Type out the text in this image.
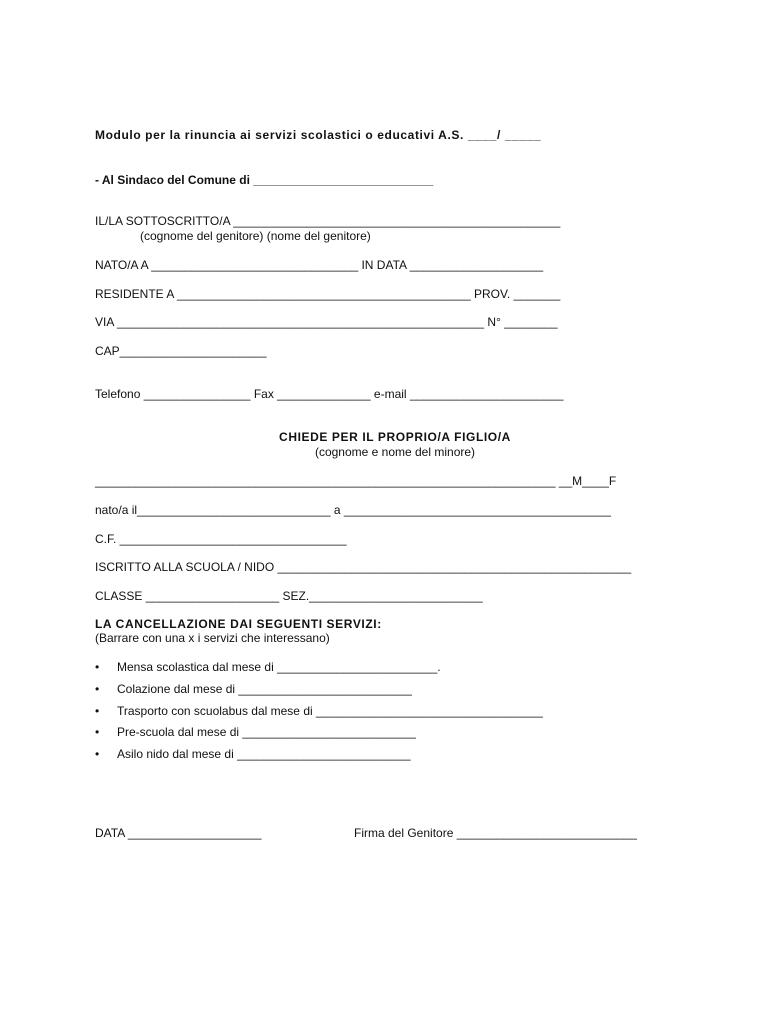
Modulo per la rinuncia ai servizi scolastici o educativi A.S. ____/ _____
- Al Sindaco del Comune di ___________________________
IL/LA SOTTOSCRITTO/A _________________________________________________
(cognome del genitore) (nome del genitore)
NATO/A A _______________________________ IN DATA ____________________
RESIDENTE A ____________________________________________ PROV. _______
VIA _______________________________________________________ N° ________
CAP______________________
Telefono ________________ Fax ______________ e-mail _______________________
CHIEDE PER IL PROPRIO/A FIGLIO/A
(cognome e nome del minore)
_____________________________________________________________________ __M____F
nato/a il_____________________________ a ________________________________________
C.F. __________________________________
ISCRITTO ALLA SCUOLA / NIDO _____________________________________________________
CLASSE ____________________ SEZ.__________________________
LA CANCELLAZIONE DAI SEGUENTI SERVIZI:
(Barrare con una x i servizi che interessano)
• Mensa scolastica dal mese di ________________________.
• Colazione dal mese di __________________________
• Trasporto con scuolabus dal mese di __________________________________
• Pre-scuola dal mese di __________________________
• Asilo nido dal mese di __________________________
DATA ____________________	Firma del Genitore ___________________________
